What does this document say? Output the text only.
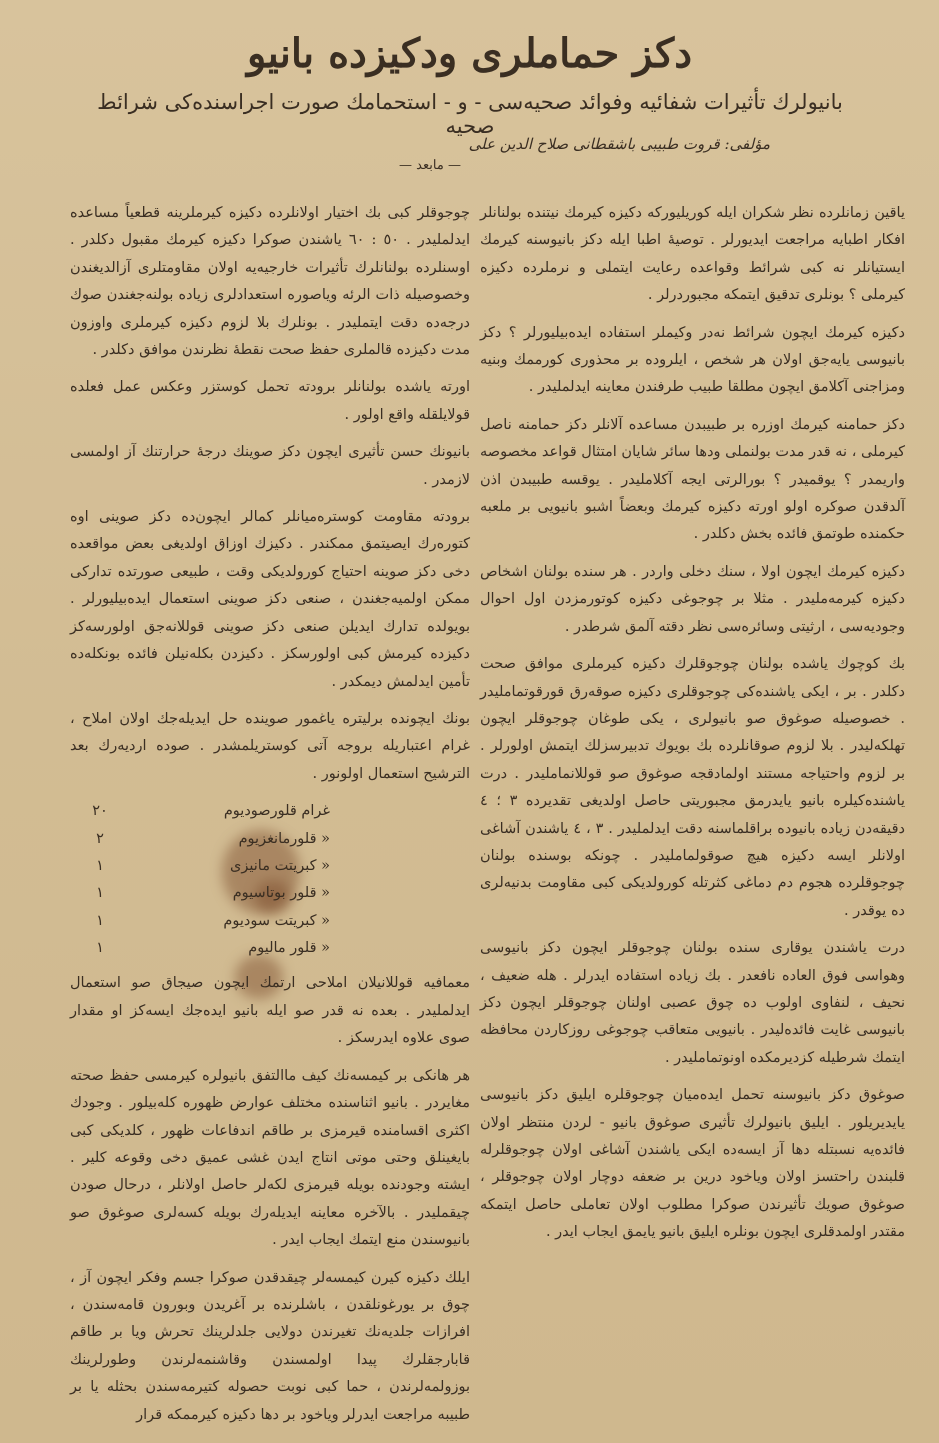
دكز حماملری ودكيزده بانيو
بانيولرك تأثيرات شفائيه وفوائد صحيه‌سی - و - استحمامك صورت اجراسنده‌كی شرائط صحيه
مؤلفی: قروت طبيبی باشقطانی صلاح الدين علی
— مابعد —

ياقين زمانلرده نظر شكران ايله كوريليوركه دكيزه كيرمك نيتنده بولنانلر افكار اطبايه مراجعت ايديورلر . توصيهٔ اطبا ايله دكز بانيوسنه كيرمك ايستيانلر نه كبی شرائط وقواعده رعايت ايتملی و نرملرده دكيزه كيرملی ؟ بونلری تدقيق ايتمكه مجبوردرلر .

دكيزه كيرمك ايچون شرائط نه‌در وكيملر استفاده ايده‌بيليورلر ؟ دكز بانيوسی يايه‌جق اولان هر شخص ، ايلروده بر محذوری كورممك وبنيه ومزاجنی آكلامق ايچون مطلقا طبيب طرفندن معاينه ايدلملیدر .

دكز حمامنه كيرمك اوزره بر طبيبدن مساعده آلانلر دكز حمامنه ناصل كيرملی ، نه قدر مدت بولنملی ودها سائر شايان امتثال قواعد مخصوصه واريمدر ؟ يوقميدر ؟ بورالرتی ايجه آكلاملیدر . يوقسه طبيبدن اذن آلدقدن صوكره اولو اورته دكيزه كيرمك وبعضاً اشبو بانيويی بر ملعبه حكمنده طوتمق فائده بخش دكلدر .

دكيزه كيرمك ايچون اولا ، سنك دخلی واردر . هر سنده بولنان اشخاص دكيزه كيرمه‌مليدر . مثلا بر چوجوغی دكيزه كوتورمزدن اول احوال وجوديه‌سی ، ارثيتی وسائره‌سی نظر دقته آلمق شرطدر .

بك كوچوك ياشده بولنان چوجوقلرك دكيزه كيرملری موافق صحت دكلدر . بر ، ايكی ياشنده‌كی چوجوقلری دكيزه صوقه‌رق قورقوتماملیدر . خصوصيله صوغوق صو بانيولری ، يكی طوغان چوجوقلر ايچون تهلكه‌ليدر . بلا لزوم صوقانلرده بك بويوك تدبيرسزلك ايتمش اولورلر . بر لزوم واحتياجه مستند اولمادقجه صوغوق صو قوللانماملیدر . درت ياشنده‌كيلره بانيو يايدرمق مجبوريتی حاصل اولديغی تقديرده ٣ ؛ ٤ دقيقه‌دن زياده بانيوده براقلماسنه دقت ايدلملیدر . ٣ ، ٤ ياشندن آشاغی اولانلر ايسه دكيزه هيچ صوقولماملیدر . چونكه بوسنده بولنان چوجوقلرده هجوم دم دماغی كثرتله كورولديكی كبی مقاومت بدنيه‌لری ده يوقدر .

درت ياشندن يوقاری سنده بولنان چوجوقلر ايچون دكز بانيوسی وهواسی فوق العاده نافعدر . بك زياده استفاده ايدرلر . هله ضعيف ، نحيف ، لنفاوی اولوب ده چوق عصبی اولنان چوجوقلر ايچون دكز بانيوسی غايت فائده‌ليدر . بانيويی متعاقب چوجوغی روزكاردن محافظه ايتمك شرطيله كزديرمكده اونوتماملیدر .

صوغوق دكز بانيوسنه تحمل ايده‌ميان چوجوقلره ايليق دكز بانيوسی يايديريلور . ايليق بانيولرك تأثيری صوغوق بانيو - لردن منتظر اولان فائده‌يه نسبتله دها آز ايسه‌ده ايكی ياشندن آشاغی اولان چوجوقلرله قلبندن راحتسز اولان وياخود درين بر ضعفه دوچار اولان چوجوقلر ، صوغوق صويك تأثيرندن صوكرا مطلوب اولان تعاملی حاصل ايتمكه مقتدر اولمدقلری ايچون بونلره ايليق بانيو يايمق ايجاب ايدر .

چوجوقلر كبی بك اختيار اولانلرده دكيزه كيرملرينه قطعياً مساعده ايدلملیدر . ٥٠ : ٦٠ ياشندن صوكرا دكيزه كيرمك مقبول دكلدر . اوسنلرده بولنانلرك تأثيرات خارجيه‌يه اولان مقاومتلری آزالديغندن وخصوصيله ذات الرئه وياصوره استعدادلری زياده بولنه‌جغندن صوك درجه‌ده دقت ايتملیدر . بونلرك بلا لزوم دكيزه كيرملری واوزون مدت دكيزده قالملری حفظ صحت نقطهٔ نظرندن موافق دكلدر .

اورته ياشده بولنانلر برودته تحمل كوستزر وعكس عمل فعلده قولايلقله واقع اولور .

بانيونك حسن تأثيری ايچون دكز صوينك درجهٔ حرارتنك آز اولمسی لازمدر .

برودته مقاومت كوستره‌ميانلر كمالر ايچون‌ده دكز صوينی اوه كتوره‌رك ايصيتمق ممكندر . دكيزك اوزاق اولديغی بعض مواقعده دخی دكز صوينه احتياج كورولديكی وقت ، طبيعی صورتده تداركی ممكن اولميه‌جغندن ، صنعی دكز صوينی استعمال ايده‌بيليورلر . بويولده تدارك ايديلن صنعی دكز صوينی قوللانه‌جق اولورسه‌كز دكيزده كيرمش كبی اولورسكز . دكيزدن بكله‌نيلن فائده بونكله‌ده تأمين ايدلمش دیمكدر .

بونك ايچونده برليتره ياغمور صوينده حل ايديله‌جك اولان املاح ، غرام اعتباريله بروجه آتی كوستريلمشدر . صوده ارديه‌رك بعد الترشيح استعمال اولونور .

٢٠	غرام قلورصوديوم
٢	« قلورمانغزيوم
١	« كبريتت مانيزی
١	« قلور بوتاسيوم
١	« كبريتت سوديوم
١	« قلور ماليوم

معمافيه قوللانيلان املاحی ارتمك ايچون صيجاق صو استعمال ايدلملیدر . بعده نه قدر صو ايله بانيو ايده‌جك ايسه‌كز او مقدار صوی علاوه ايدرسكز .

هر هانكی بر كيمسه‌نك كيف ماالتفق بانيولره كيرمسی حفظ صحته مغايردر . بانيو اثناسنده مختلف عوارض ظهوره كله‌بيلور . وجودك اكثری اقسامنده قيرمزی بر طاقم اندفاعات ظهور ، كلديكی كبی بايغينلق وحتی موتی انتاج ايدن غشی عميق دخی وقوعه كلير . ايشته وجودنده بويله قيرمزی لكه‌لر حاصل اولانلر ، درحال صودن چيقملیدر . بالآخره معاينه ايديله‌رك بويله كسه‌لری صوغوق صو بانيوسندن منع ايتمك ايجاب ايدر .

ايلك دكيزه كيرن كيمسه‌لر چيقدقدن صوكرا جسم وفكر ايچون آز ، چوق بر يورغونلقدن ، باشلرنده بر آغريدن وبورون قامه‌سندن ، افرازات جلديه‌نك تغيرندن دولايی جلدلرينك تحرش ويا بر طاقم قابارجقلرك پيدا اولمسندن وقاشنمه‌لرندن وطورلرينك بوزولمه‌لرندن ، حما كبی نوبت حصوله كتيرمه‌سندن بحثله يا بر طبيبه مراجعت ايدرلر وياخود بر دها دكيزه كيرممكه قرار
